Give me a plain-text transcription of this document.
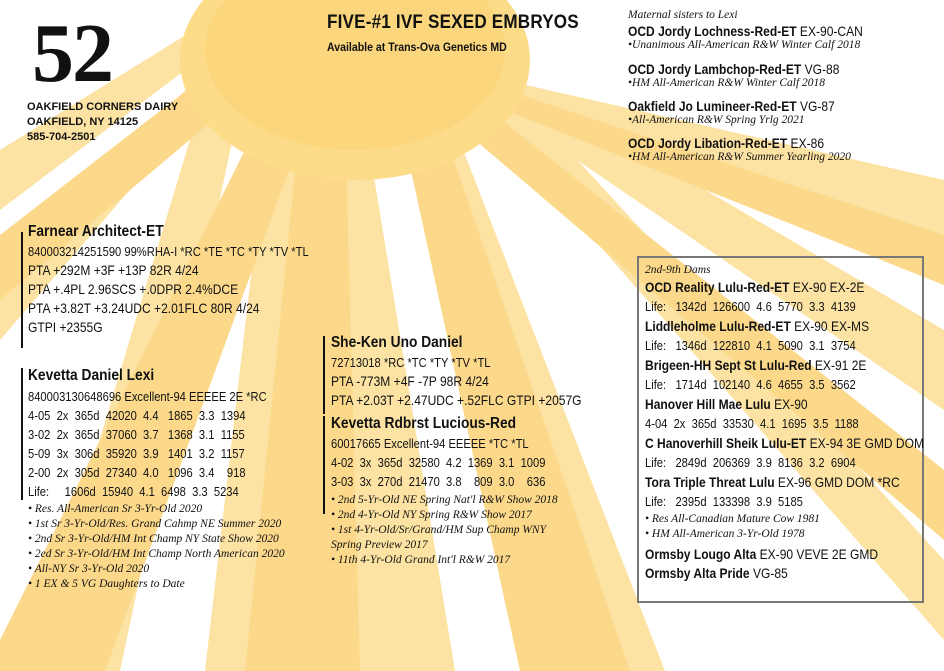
52
OAKFIELD CORNERS DAIRY
OAKFIELD, NY 14125
585-704-2501
FIVE-#1 IVF SEXED EMBRYOS
Available at Trans-Ova Genetics MD
Maternal sisters to Lexi
OCD Jordy Lochness-Red-ET EX-90-CAN
•Unanimous All-American R&W Winter Calf 2018
OCD Jordy Lambchop-Red-ET VG-88
•HM All-American R&W Winter Calf 2018
Oakfield Jo Lumineer-Red-ET VG-87
•All-American R&W Spring Yrlg 2021
OCD Jordy Libation-Red-ET EX-86
•HM All-American R&W Summer Yearling 2020
Farnear Architect-ET
840003214251590 99%RHA-I *RC *TE *TC *TY *TV *TL
PTA +292M +3F +13P 82R 4/24
PTA +.4PL 2.96SCS +.0DPR 2.4%DCE
PTA +3.82T +3.24UDC +2.01FLC 80R 4/24
GTPI +2355G
Kevetta Daniel Lexi
840003130648696 Excellent-94 EEEEE 2E *RC
4-05  2x  365d  42020  4.4   1865  3.3  1394
3-02  2x  365d  37060  3.7   1368  3.1  1155
5-09  3x  306d  35920  3.9   1401  3.2  1157
2-00  2x  305d  27340  4.0   1096  3.4    918
Life:     1606d  15940  4.1  6498  3.3  5234
• Res. All-American Sr 3-Yr-Old 2020
• 1st Sr 3-Yr-Old/Res. Grand Cahmp NE Summer 2020
• 2nd Sr 3-Yr-Old/HM Int Champ NY State Show 2020
• 2ed Sr 3-Yr-Old/HM Int Champ North American 2020
• All-NY Sr 3-Yr-Old 2020
• 1 EX & 5 VG Daughters to Date
She-Ken Uno Daniel
72713018 *RC *TC *TY *TV *TL
PTA -773M +4F -7P 98R 4/24
PTA +2.03T +2.47UDC +.52FLC GTPI +2057G
Kevetta Rdbrst Lucious-Red
60017665 Excellent-94 EEEEE *TC *TL
4-02  3x  365d  32580  4.2  1369  3.1  1009
3-03  3x  270d  21470  3.8    809  3.0    636
• 2nd 5-Yr-Old NE Spring Nat'l R&W Show 2018
• 2nd 4-Yr-Old NY Spring R&W Show 2017
• 1st 4-Yr-Old/Sr/Grand/HM Sup Champ WNY
Spring Preview 2017
• 11th 4-Yr-Old Grand Int'l R&W 2017
2nd-9th Dams
OCD Reality Lulu-Red-ET EX-90 EX-2E
Life:   1342d  126600  4.6  5770  3.3  4139
Liddleholme Lulu-Red-ET EX-90 EX-MS
Life:   1346d  122810  4.1  5090  3.1  3754
Brigeen-HH Sept St Lulu-Red EX-91 2E
Life:   1714d  102140  4.6  4655  3.5  3562
Hanover Hill Mae Lulu EX-90
4-04  2x  365d  33530  4.1  1695  3.5  1188
C Hanoverhill Sheik Lulu-ET EX-94 3E GMD DOM
Life:   2849d  206369  3.9  8136  3.2  6904
Tora Triple Threat Lulu EX-96 GMD DOM *RC
Life:   2395d  133398  3.9  5185
• Res All-Canadian Mature Cow 1981
• HM All-American 3-Yr-Old 1978
Ormsby Lougo Alta EX-90 VEVE 2E GMD
Ormsby Alta Pride VG-85
